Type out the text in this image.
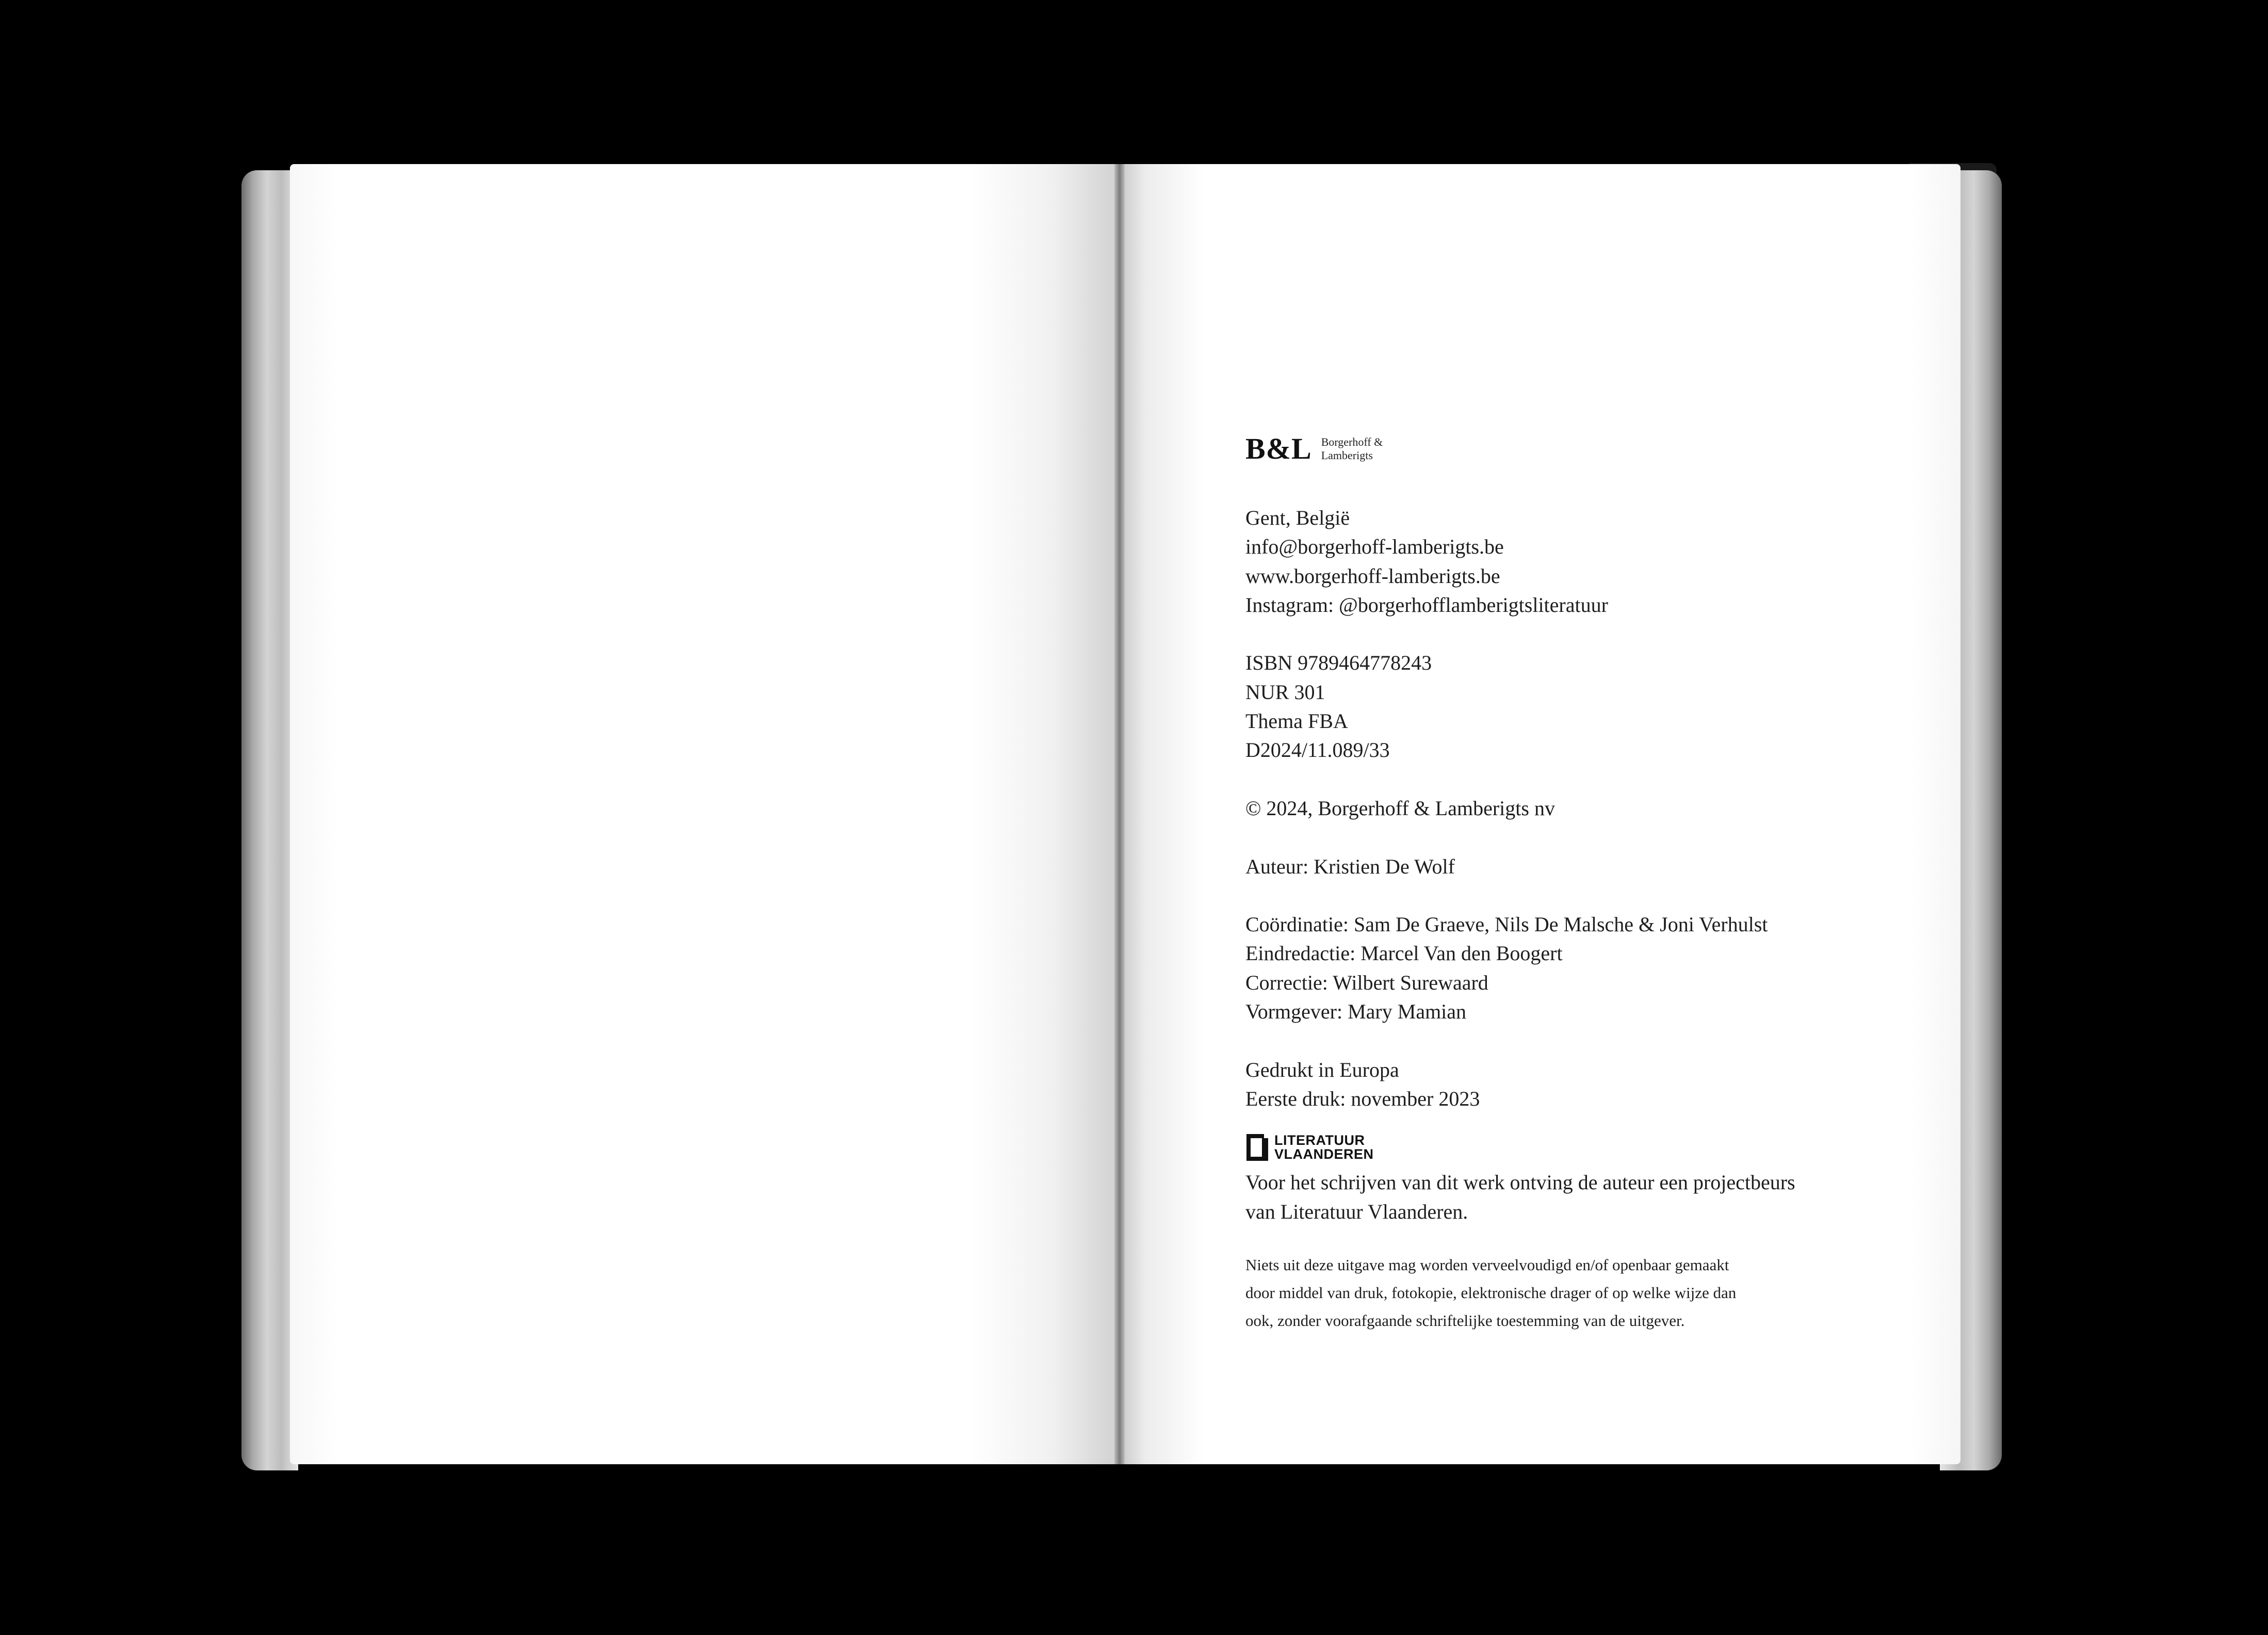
B&L Borgerhoff &
Lamberigts
Gent, België
info@borgerhoff-lamberigts.be
www.borgerhoff-lamberigts.be
Instagram: @borgerhofflamberigtsliteratuur
ISBN 9789464778243
NUR 301
Thema FBA
D2024/11.089/33
© 2024, Borgerhoff & Lamberigts nv
Auteur: Kristien De Wolf
Coördinatie: Sam De Graeve, Nils De Malsche & Joni Verhulst
Eindredactie: Marcel Van den Boogert
Correctie: Wilbert Surewaard
Vormgever: Mary Mamian
Gedrukt in Europa
Eerste druk: november 2023
LITERATUUR
VLAANDEREN
Voor het schrijven van dit werk ontving de auteur een projectbeurs
van Literatuur Vlaanderen.
Niets uit deze uitgave mag worden verveelvoudigd en/of openbaar gemaakt
door middel van druk, fotokopie, elektronische drager of op welke wijze dan
ook, zonder voorafgaande schriftelijke toestemming van de uitgever.
